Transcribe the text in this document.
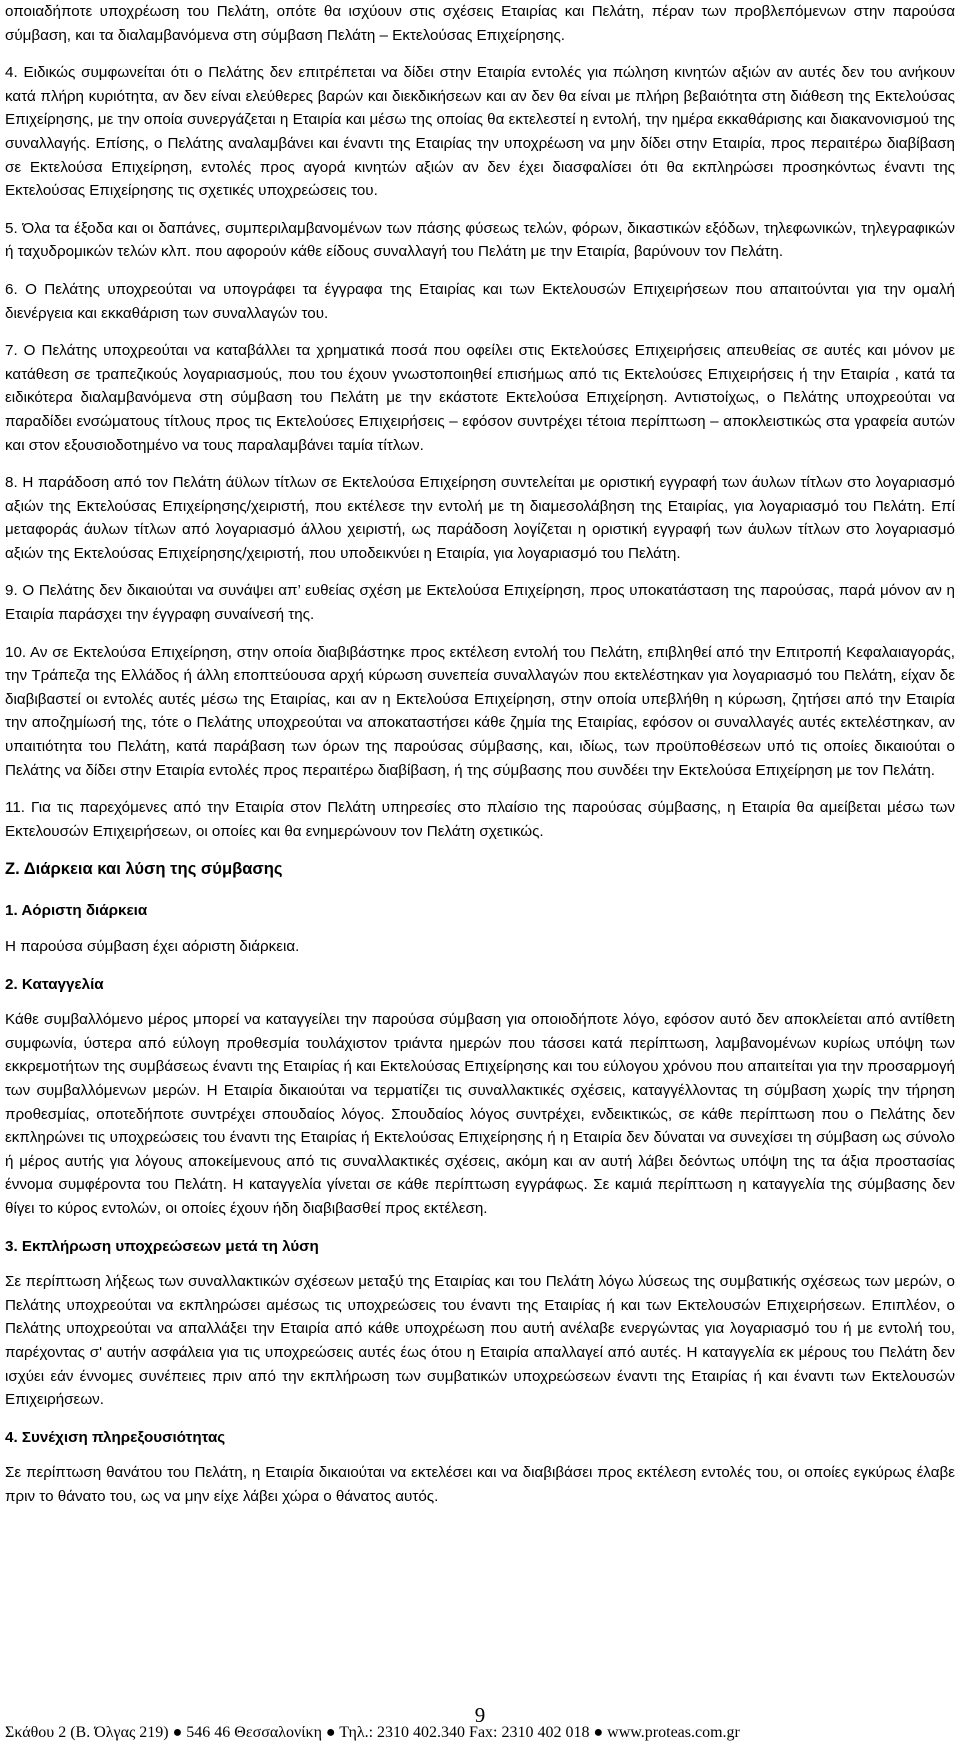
οποιαδήποτε υποχρέωση του Πελάτη, οπότε θα ισχύουν στις σχέσεις Εταιρίας και Πελάτη, πέραν των προβλεπόμενων στην παρούσα σύμβαση, και τα διαλαμβανόμενα στη σύμβαση Πελάτη – Εκτελούσας Επιχείρησης.

4. Ειδικώς συμφωνείται ότι ο Πελάτης δεν επιτρέπεται να δίδει στην Εταιρία εντολές για πώληση κινητών αξιών αν αυτές δεν του ανήκουν κατά πλήρη κυριότητα, αν δεν είναι ελεύθερες βαρών και διεκδικήσεων και αν δεν θα είναι με πλήρη βεβαιότητα στη διάθεση της Εκτελούσας Επιχείρησης, με την οποία συνεργάζεται η Εταιρία και μέσω της οποίας θα εκτελεστεί η εντολή, την ημέρα εκκαθάρισης και διακανονισμού της συναλλαγής. Επίσης, ο Πελάτης αναλαμβάνει και έναντι της Εταιρίας την υποχρέωση να μην δίδει στην Εταιρία, προς περαιτέρω διαβίβαση σε Εκτελούσα Επιχείρηση, εντολές προς αγορά κινητών αξιών αν δεν έχει διασφαλίσει ότι θα εκπληρώσει προσηκόντως έναντι της Εκτελούσας Επιχείρησης τις σχετικές υποχρεώσεις του.

5. Όλα τα έξοδα και οι δαπάνες, συμπεριλαμβανομένων των πάσης φύσεως τελών, φόρων, δικαστικών εξόδων, τηλεφωνικών, τηλεγραφικών ή ταχυδρομικών τελών κλπ. που αφορούν κάθε είδους συναλλαγή του Πελάτη με την Εταιρία, βαρύνουν τον Πελάτη.

6. Ο Πελάτης υποχρεούται να υπογράφει τα έγγραφα της Εταιρίας και των Εκτελουσών Επιχειρήσεων που απαιτούνται για την ομαλή διενέργεια και εκκαθάριση των συναλλαγών του.

7. Ο Πελάτης υποχρεούται να καταβάλλει τα χρηματικά ποσά που οφείλει στις Εκτελούσες Επιχειρήσεις απευθείας σε αυτές και μόνον με κατάθεση σε τραπεζικούς λογαριασμούς, που του έχουν γνωστοποιηθεί επισήμως από τις Εκτελούσες Επιχειρήσεις ή την Εταιρία , κατά τα ειδικότερα διαλαμβανόμενα στη σύμβαση του Πελάτη με την εκάστοτε Εκτελούσα Επιχείρηση. Αντιστοίχως, ο Πελάτης υποχρεούται να παραδίδει ενσώματους τίτλους προς τις Εκτελούσες Επιχειρήσεις – εφόσον συντρέχει τέτοια περίπτωση – αποκλειστικώς στα γραφεία αυτών και στον εξουσιοδοτημένο να τους παραλαμβάνει ταμία τίτλων.

8. Η παράδοση από τον Πελάτη άϋλων τίτλων σε Εκτελούσα Επιχείρηση συντελείται με οριστική εγγραφή των άυλων τίτλων στο λογαριασμό αξιών της Εκτελούσας Επιχείρησης/χειριστή, που εκτέλεσε την εντολή με τη διαμεσολάβηση της Εταιρίας, για λογαριασμό του Πελάτη. Επί μεταφοράς άυλων τίτλων από λογαριασμό άλλου χειριστή, ως παράδοση λογίζεται η οριστική εγγραφή των άυλων τίτλων στο λογαριασμό αξιών της Εκτελούσας Επιχείρησης/χειριστή, που υποδεικνύει η Εταιρία, για λογαριασμό του Πελάτη.

9. Ο Πελάτης δεν δικαιούται να συνάψει απ’ ευθείας σχέση με Εκτελούσα Επιχείρηση, προς υποκατάσταση της παρούσας, παρά μόνον αν η Εταιρία παράσχει την έγγραφη συναίνεσή της.

10. Αν σε Εκτελούσα Επιχείρηση, στην οποία διαβιβάστηκε προς εκτέλεση εντολή του Πελάτη, επιβληθεί από την Επιτροπή Κεφαλαιαγοράς, την Τράπεζα της Ελλάδος ή άλλη εποπτεύουσα αρχή κύρωση συνεπεία συναλλαγών που εκτελέστηκαν για λογαριασμό του Πελάτη, είχαν δε διαβιβαστεί οι εντολές αυτές μέσω της Εταιρίας, και αν η Εκτελούσα Επιχείρηση, στην οποία υπεβλήθη η κύρωση, ζητήσει από την Εταιρία την αποζημίωσή της, τότε ο Πελάτης υποχρεούται να αποκαταστήσει κάθε ζημία της Εταιρίας, εφόσον οι συναλλαγές αυτές εκτελέστηκαν, αν υπαιτιότητα του Πελάτη, κατά παράβαση των όρων της παρούσας σύμβασης, και, ιδίως, των προϋποθέσεων υπό τις οποίες δικαιούται ο Πελάτης να δίδει στην Εταιρία εντολές προς περαιτέρω διαβίβαση, ή της σύμβασης που συνδέει την Εκτελούσα Επιχείρηση με τον Πελάτη.

11. Για τις παρεχόμενες από την Εταιρία στον Πελάτη υπηρεσίες στο πλαίσιο της παρούσας σύμβασης, η Εταιρία θα αμείβεται μέσω των Εκτελουσών Επιχειρήσεων, οι οποίες και θα ενημερώνουν τον Πελάτη σχετικώς.

Ζ. Διάρκεια και λύση της σύμβασης
1. Αόριστη διάρκεια

Η παρούσα σύμβαση έχει αόριστη διάρκεια.

2. Καταγγελία

Κάθε συμβαλλόμενο μέρος μπορεί να καταγγείλει την παρούσα σύμβαση για οποιοδήποτε λόγο, εφόσον αυτό δεν αποκλείεται από αντίθετη συμφωνία, ύστερα από εύλογη προθεσμία τουλάχιστον τριάντα ημερών που τάσσει κατά περίπτωση, λαμβανομένων κυρίως υπόψη των εκκρεμοτήτων της συμβάσεως έναντι της Εταιρίας ή και Εκτελούσας Επιχείρησης και του εύλογου χρόνου που απαιτείται για την προσαρμογή των συμβαλλόμενων μερών. Η Εταιρία δικαιούται να τερματίζει τις συναλλακτικές σχέσεις, καταγγέλλοντας τη σύμβαση χωρίς την τήρηση προθεσμίας, οποτεδήποτε συντρέχει σπουδαίος λόγος. Σπουδαίος λόγος συντρέχει, ενδεικτικώς, σε κάθε περίπτωση που ο Πελάτης δεν εκπληρώνει τις υποχρεώσεις του έναντι της Εταιρίας ή Εκτελούσας Επιχείρησης ή η Εταιρία δεν δύναται να συνεχίσει τη σύμβαση ως σύνολο ή μέρος αυτής για λόγους αποκείμενους από τις συναλλακτικές σχέσεις, ακόμη και αν αυτή λάβει δεόντως υπόψη της τα άξια προστασίας έννομα συμφέροντα του Πελάτη. Η καταγγελία γίνεται σε κάθε περίπτωση εγγράφως. Σε καμιά περίπτωση η καταγγελία της σύμβασης δεν θίγει το κύρος εντολών, οι οποίες έχουν ήδη διαβιβασθεί προς εκτέλεση.

3. Εκπλήρωση υποχρεώσεων μετά τη λύση

Σε περίπτωση λήξεως των συναλλακτικών σχέσεων μεταξύ της Εταιρίας και του Πελάτη λόγω λύσεως της συμβατικής σχέσεως των μερών, ο Πελάτης υποχρεούται να εκπληρώσει αμέσως τις υποχρεώσεις του έναντι της Εταιρίας ή και των Εκτελουσών Επιχειρήσεων. Επιπλέον, ο Πελάτης υποχρεούται να απαλλάξει την Εταιρία από κάθε υποχρέωση που αυτή ανέλαβε ενεργώντας για λογαριασμό του ή με εντολή του, παρέχοντας σ' αυτήν ασφάλεια για τις υποχρεώσεις αυτές έως ότου η Εταιρία απαλλαγεί από αυτές. Η καταγγελία εκ μέρους του Πελάτη δεν ισχύει εάν έννομες συνέπειες πριν από την εκπλήρωση των συμβατικών υποχρεώσεων έναντι της Εταιρίας ή και έναντι των Εκτελουσών Επιχειρήσεων.

4. Συνέχιση πληρεξουσιότητας

Σε περίπτωση θανάτου του Πελάτη, η Εταιρία δικαιούται να εκτελέσει και να διαβιβάσει προς εκτέλεση εντολές του, οι οποίες εγκύρως έλαβε πριν το θάνατο του, ως να μην είχε λάβει χώρα ο θάνατος αυτός.

9
Σκάθου 2 (Β. Όλγας 219) ● 546 46 Θεσσαλονίκη ● Τηλ.: 2310 402.340 Fax: 2310 402 018 ● www.proteas.com.gr
